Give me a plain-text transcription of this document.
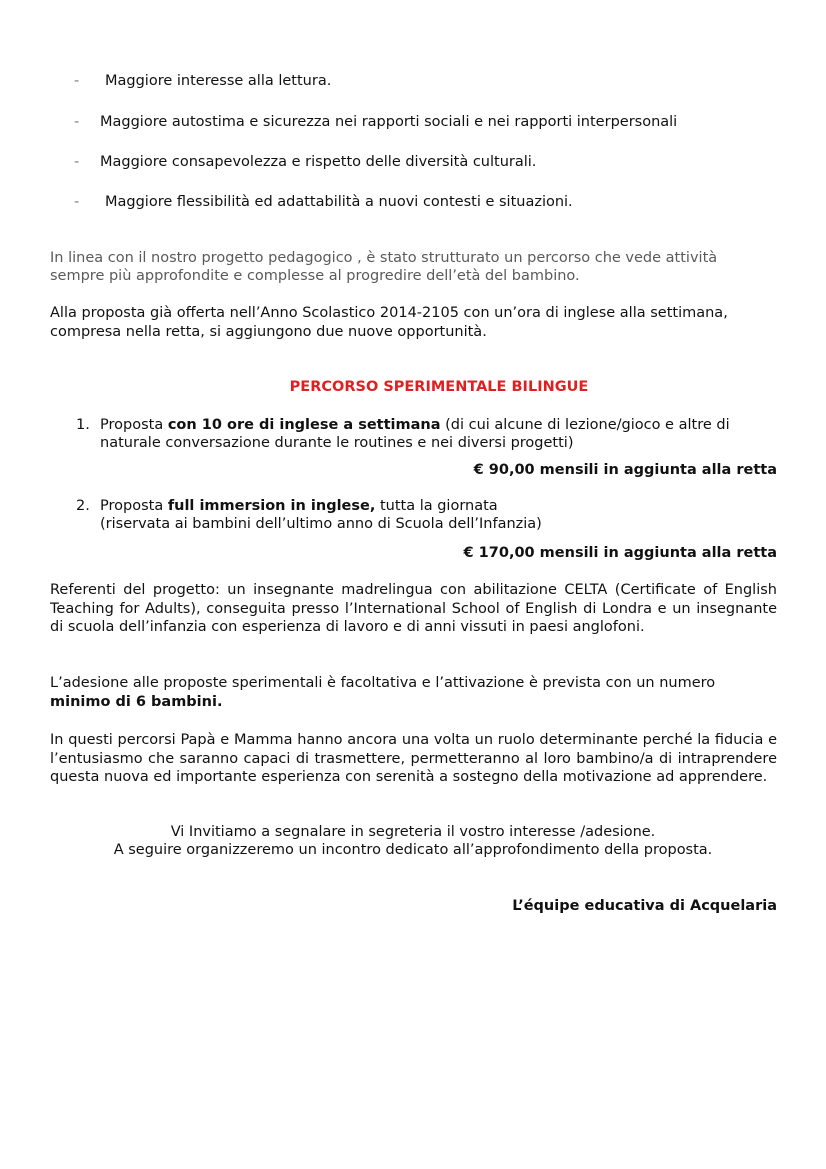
- Maggiore interesse alla lettura.
- Maggiore autostima e sicurezza nei rapporti sociali e nei rapporti interpersonali
- Maggiore consapevolezza e rispetto delle diversità culturali.
- Maggiore flessibilità ed adattabilità a nuovi contesti e situazioni.
In linea con il nostro progetto pedagogico , è stato strutturato un percorso che vede attività
sempre più approfondite e complesse al progredire dell’età del bambino.
Alla proposta già offerta nell’Anno Scolastico 2014-2105 con un’ora di inglese alla settimana,
compresa nella retta, si aggiungono due nuove opportunità.
PERCORSO SPERIMENTALE BILINGUE
1. Proposta con 10 ore di inglese a settimana (di cui alcune di lezione/gioco e altre di
naturale conversazione durante le routines e nei diversi progetti)
€ 90,00 mensili in aggiunta alla retta
2. Proposta full immersion in inglese, tutta la giornata
(riservata ai bambini dell’ultimo anno di Scuola dell’Infanzia)
€ 170,00 mensili in aggiunta alla retta
Referenti del progetto: un insegnante madrelingua con abilitazione CELTA (Certificate of English Teaching for Adults), conseguita presso l’International School of English di Londra e un insegnante di scuola dell’infanzia con esperienza di lavoro e di anni vissuti in paesi anglofoni.
L’adesione alle proposte sperimentali è facoltativa e l’attivazione è prevista con un numero
minimo di 6 bambini.
In questi percorsi Papà e Mamma hanno ancora una volta un ruolo determinante perché la fiducia e l’entusiasmo che saranno capaci di trasmettere, permetteranno al loro bambino/a di intraprendere questa nuova ed importante esperienza con serenità a sostegno della motivazione ad apprendere.
Vi Invitiamo a segnalare in segreteria il vostro interesse /adesione.
A seguire organizzeremo un incontro dedicato all’approfondimento della proposta.
L’équipe educativa di Acquelaria
